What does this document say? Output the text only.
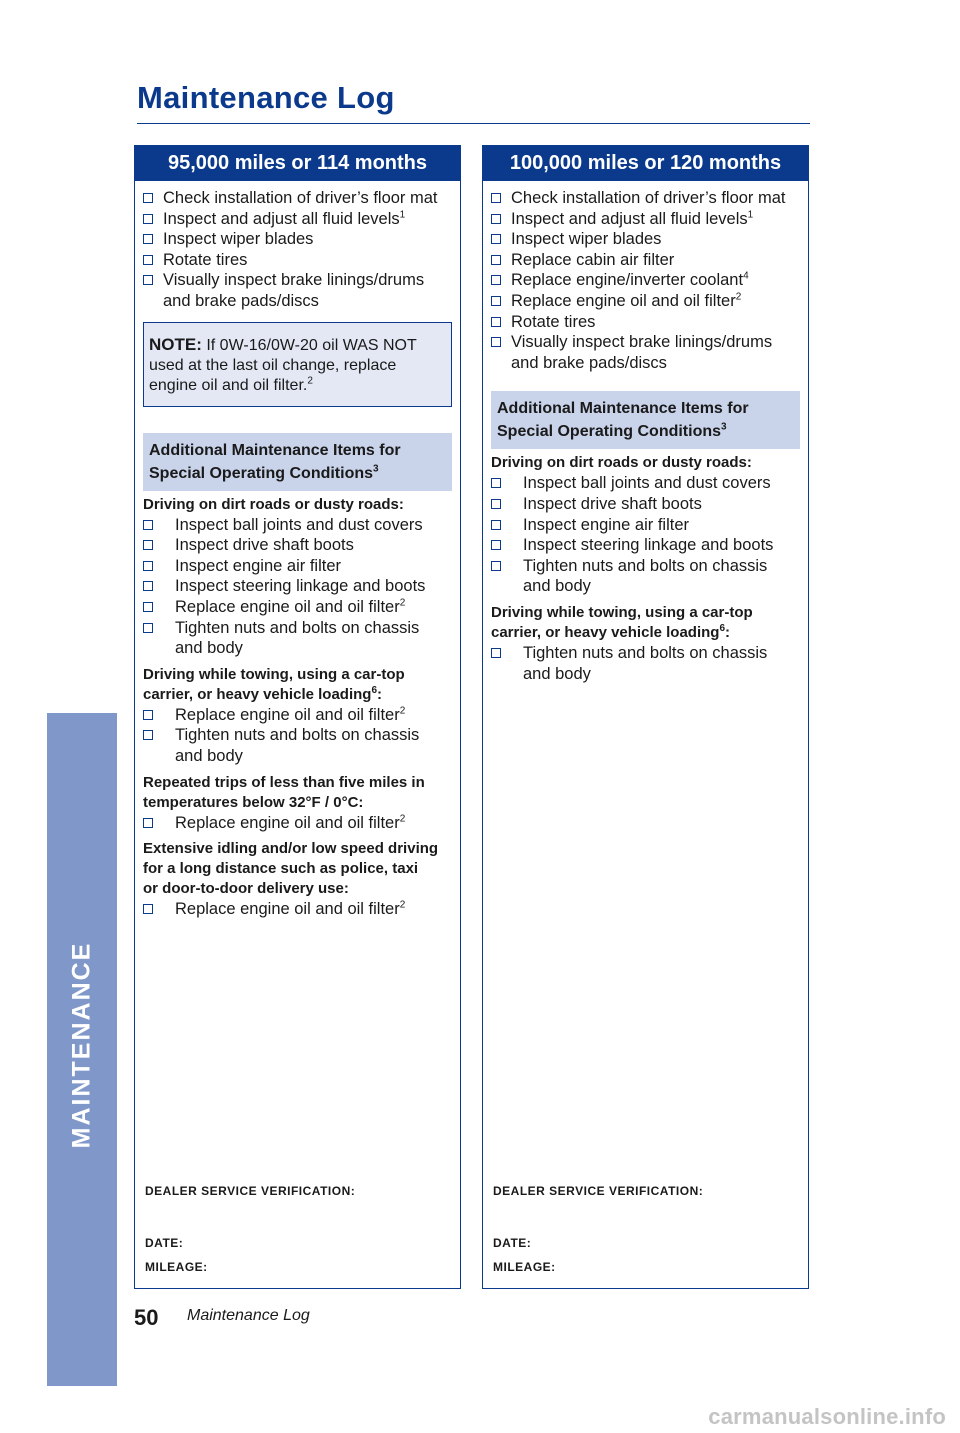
Maintenance Log
MAINTENANCE
95,000 miles or 114 months
Check installation of driver’s floor mat
Inspect and adjust all fluid levels$^1$
Inspect wiper blades
Rotate tires
Visually inspect brake linings/drums
and brake pads/discs
NOTE: If 0W-16/0W-20 oil WAS NOT
used at the last oil change, replace
engine oil and oil filter.$^2$
Additional Maintenance Items for
Special Operating Conditions$^3$
Driving on dirt roads or dusty roads:
Inspect ball joints and dust covers
Inspect drive shaft boots
Inspect engine air filter
Inspect steering linkage and boots
Replace engine oil and oil filter$^2$
Tighten nuts and bolts on chassis
and body
Driving while towing, using a car-top
carrier, or heavy vehicle loading$^6$:
Replace engine oil and oil filter$^2$
Tighten nuts and bolts on chassis
and body
Repeated trips of less than five miles in
temperatures below 32°F / 0°C:
Replace engine oil and oil filter$^2$
Extensive idling and/or low speed driving
for a long distance such as police, taxi
or door-to-door delivery use:
Replace engine oil and oil filter$^2$
DEALER SERVICE VERIFICATION:
DATE:
MILEAGE:
100,000 miles or 120 months
Check installation of driver’s floor mat
Inspect and adjust all fluid levels$^1$
Inspect wiper blades
Replace cabin air filter
Replace engine/inverter coolant$^4$
Replace engine oil and oil filter$^2$
Rotate tires
Visually inspect brake linings/drums
and brake pads/discs
Additional Maintenance Items for
Special Operating Conditions$^3$
Driving on dirt roads or dusty roads:
Inspect ball joints and dust covers
Inspect drive shaft boots
Inspect engine air filter
Inspect steering linkage and boots
Tighten nuts and bolts on chassis
and body
Driving while towing, using a car-top
carrier, or heavy vehicle loading$^6$:
Tighten nuts and bolts on chassis
and body
DEALER SERVICE VERIFICATION:
DATE:
MILEAGE:
50 Maintenance Log
carmanualsonline.info
